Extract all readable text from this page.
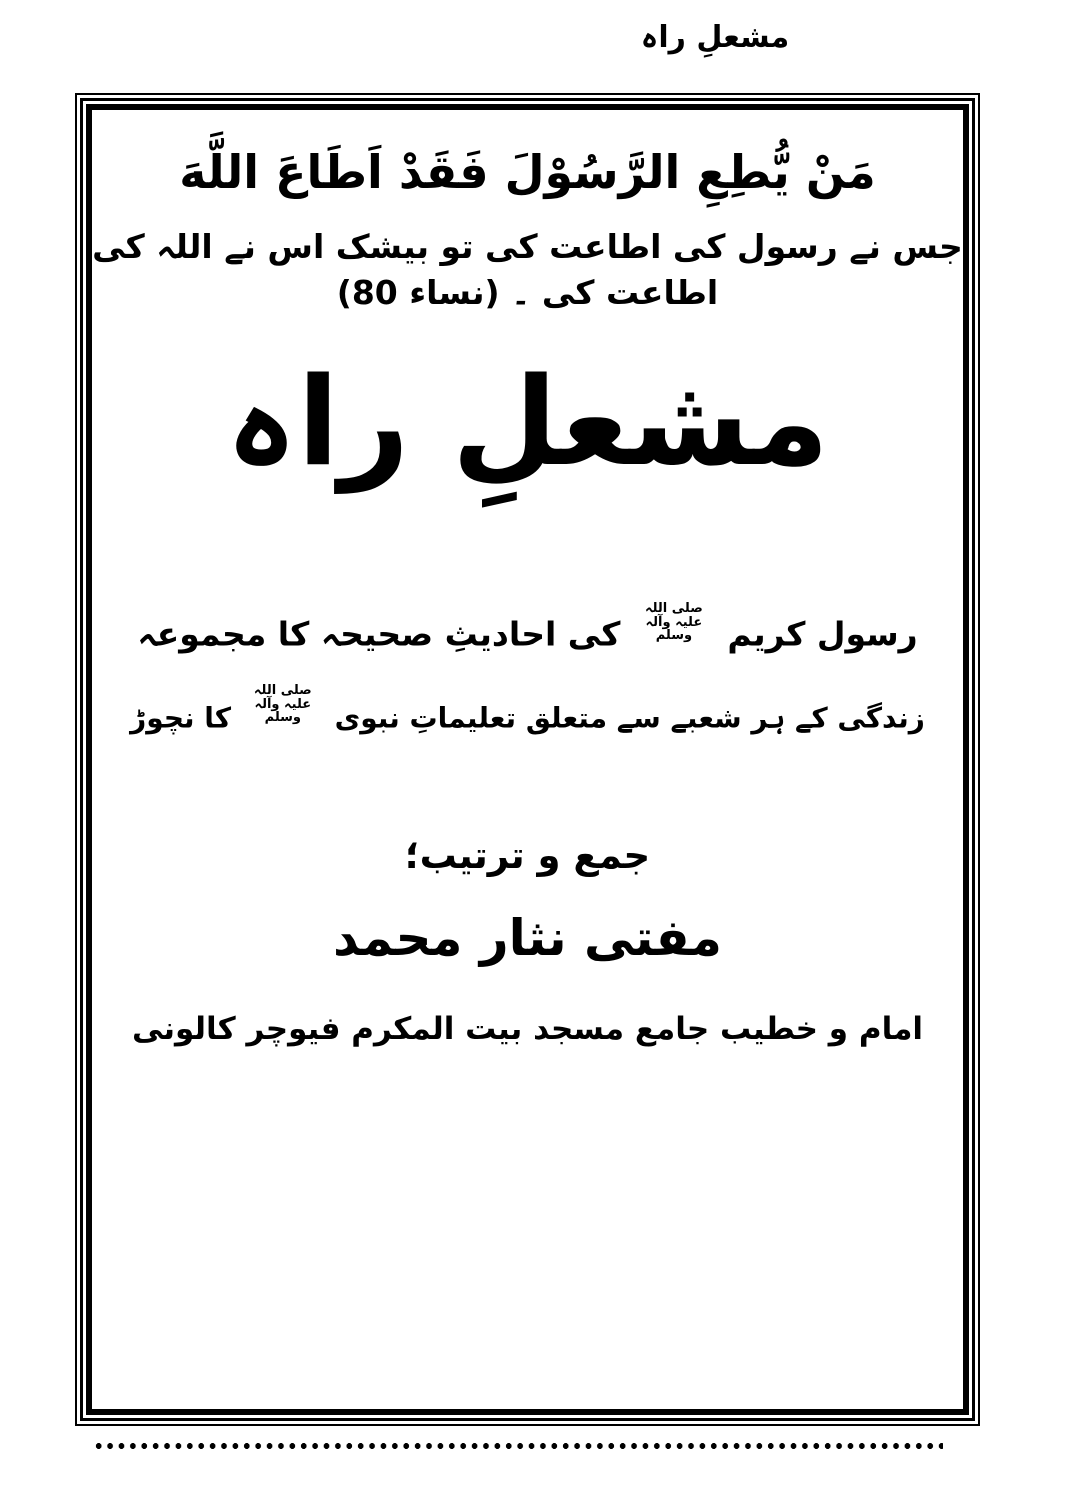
مشعلِ راہ
مَنْ يُّطِعِ الرَّسُوْلَ فَقَدْ اَطَاعَ اللَّهَ
جس نے رسول کی اطاعت کی تو بیشک اس نے اللہ کی اطاعت کی ۔ (نساء 80)
مشعلِ راہ
رسول کریم صلی اللہ علیہ وآلہ وسلم کی احادیثِ صحیحہ کا مجموعہ
زندگی کے ہر شعبے سے متعلق تعلیماتِ نبوی صلی اللہ علیہ وآلہ وسلم کا نچوڑ
جمع و ترتیب؛
مفتی نثار محمد
امام و خطیب جامع مسجد بیت المکرم فیوچر کالونی
